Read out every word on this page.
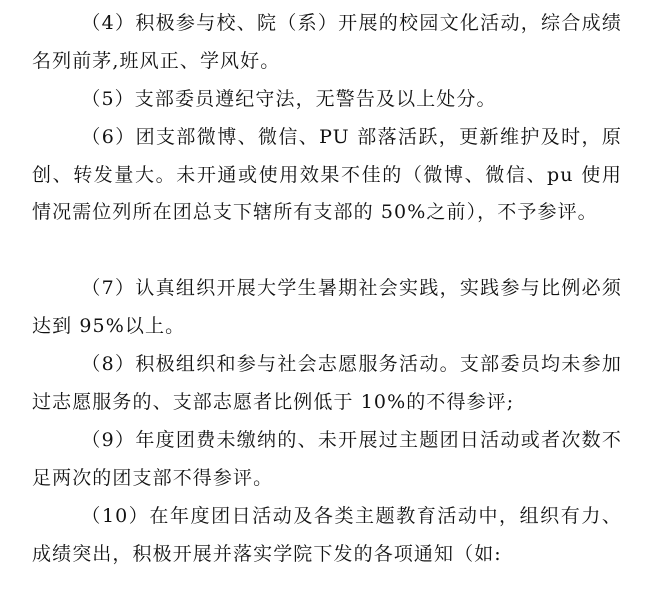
（4）积极参与校、院（系）开展的校园文化活动，综合成绩名列前茅,班风正、学风好。

（5）支部委员遵纪守法，无警告及以上处分。

（6）团支部微博、微信、PU 部落活跃，更新维护及时，原创、转发量大。未开通或使用效果不佳的（微博、微信、pu 使用情况需位列所在团总支下辖所有支部的 50%之前），不予参评。

（7）认真组织开展大学生暑期社会实践，实践参与比例必须达到 95%以上。

（8）积极组织和参与社会志愿服务活动。支部委员均未参加过志愿服务的、支部志愿者比例低于 10%的不得参评;

（9）年度团费未缴纳的、未开展过主题团日活动或者次数不足两次的团支部不得参评。

（10）在年度团日活动及各类主题教育活动中，组织有力、成绩突出，积极开展并落实学院下发的各项通知（如:
